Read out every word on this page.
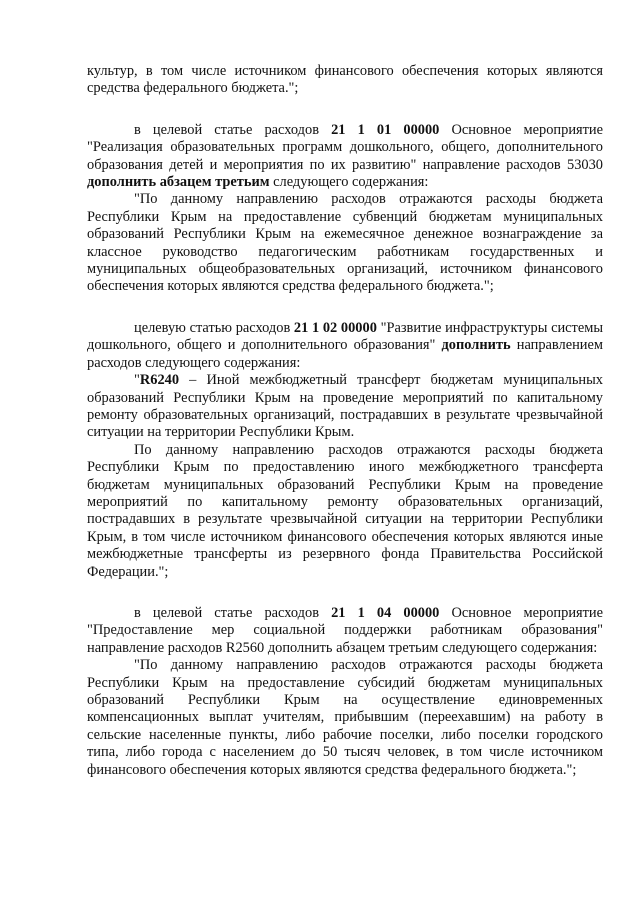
культур, в том числе источником финансового обеспечения которых являются средства федерального бюджета.";

в целевой статье расходов 21 1 01 00000 Основное мероприятие "Реализация образовательных программ дошкольного, общего, дополнительного образования детей и мероприятия по их развитию" направление расходов 53030 дополнить абзацем третьим следующего содержания:

"По данному направлению расходов отражаются расходы бюджета Республики Крым на предоставление субвенций бюджетам муниципальных образований Республики Крым на ежемесячное денежное вознаграждение за классное руководство педагогическим работникам государственных и муниципальных общеобразовательных организаций, источником финансового обеспечения которых являются средства федерального бюджета.";

целевую статью расходов 21 1 02 00000 "Развитие инфраструктуры системы дошкольного, общего и дополнительного образования" дополнить направлением расходов следующего содержания:

"R6240 – Иной межбюджетный трансферт бюджетам муниципальных образований Республики Крым на проведение мероприятий по капитальному ремонту образовательных организаций, пострадавших в результате чрезвычайной ситуации на территории Республики Крым.

По данному направлению расходов отражаются расходы бюджета Республики Крым по предоставлению иного межбюджетного трансферта бюджетам муниципальных образований Республики Крым на проведение мероприятий по капитальному ремонту образовательных организаций, пострадавших в результате чрезвычайной ситуации на территории Республики Крым, в том числе источником финансового обеспечения которых являются иные межбюджетные трансферты из резервного фонда Правительства Российской Федерации.";

в целевой статье расходов 21 1 04 00000 Основное мероприятие "Предоставление мер социальной поддержки работникам образования" направление расходов R2560 дополнить абзацем третьим следующего содержания:

"По данному направлению расходов отражаются расходы бюджета Республики Крым на предоставление субсидий бюджетам муниципальных образований Республики Крым на осуществление единовременных компенсационных выплат учителям, прибывшим (переехавшим) на работу в сельские населенные пункты, либо рабочие поселки, либо поселки городского типа, либо города с населением до 50 тысяч человек, в том числе источником финансового обеспечения которых являются средства федерального бюджета.";
